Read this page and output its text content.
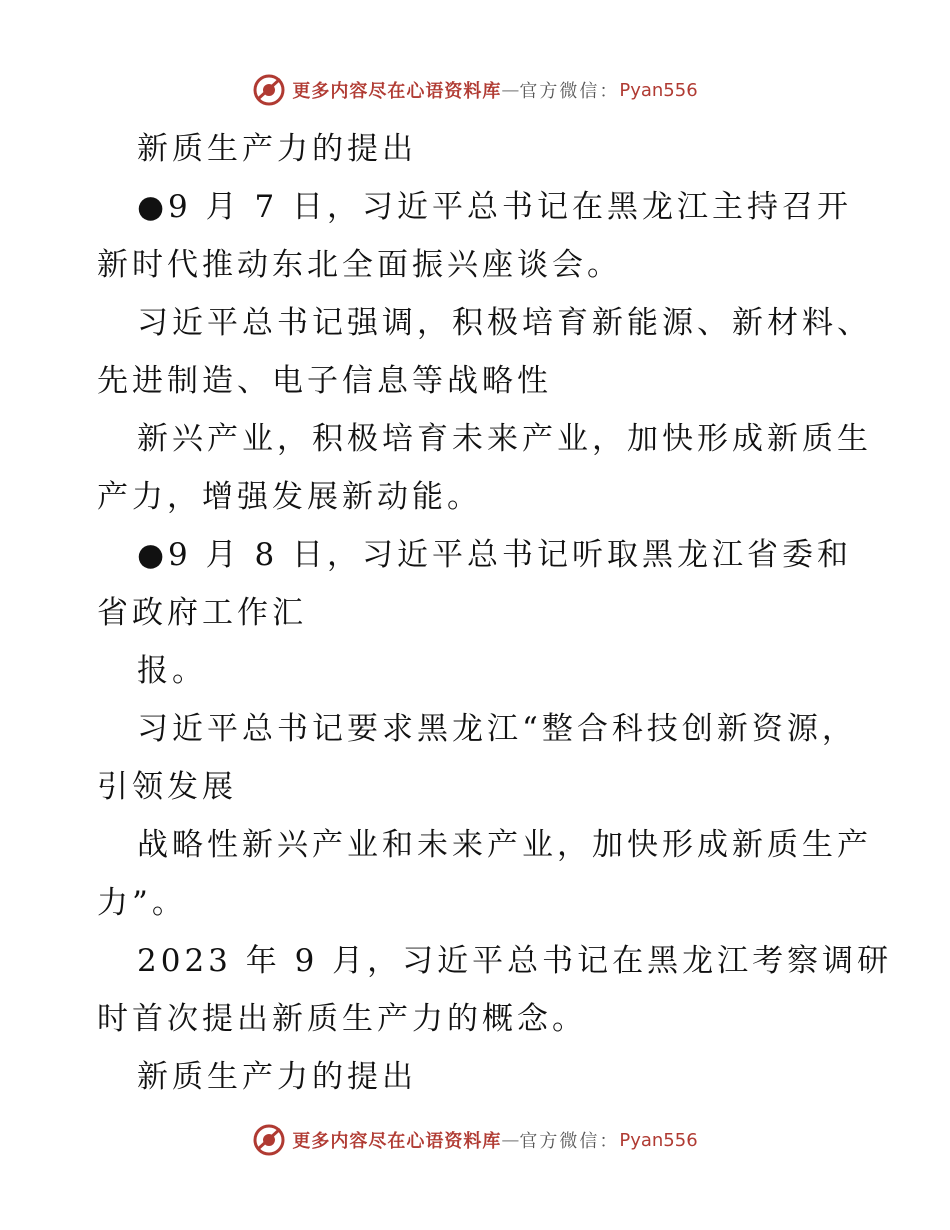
更多内容尽在心语资料库 — 官方微信： Pyan556
新质生产力的提出
●9 月 7 日，习近平总书记在黑龙江主持召开
新时代推动东北全面振兴座谈会。
习近平总书记强调，积极培育新能源、新材料、
先进制造、电子信息等战略性
新兴产业，积极培育未来产业，加快形成新质生
产力，增强发展新动能。
●9 月 8 日，习近平总书记听取黑龙江省委和
省政府工作汇
报。
习近平总书记要求黑龙江“整合科技创新资源，
引领发展
战略性新兴产业和未来产业，加快形成新质生产
力”。
2023 年 9 月，习近平总书记在黑龙江考察调研
时首次提出新质生产力的概念。
新质生产力的提出
更多内容尽在心语资料库 — 官方微信： Pyan556
